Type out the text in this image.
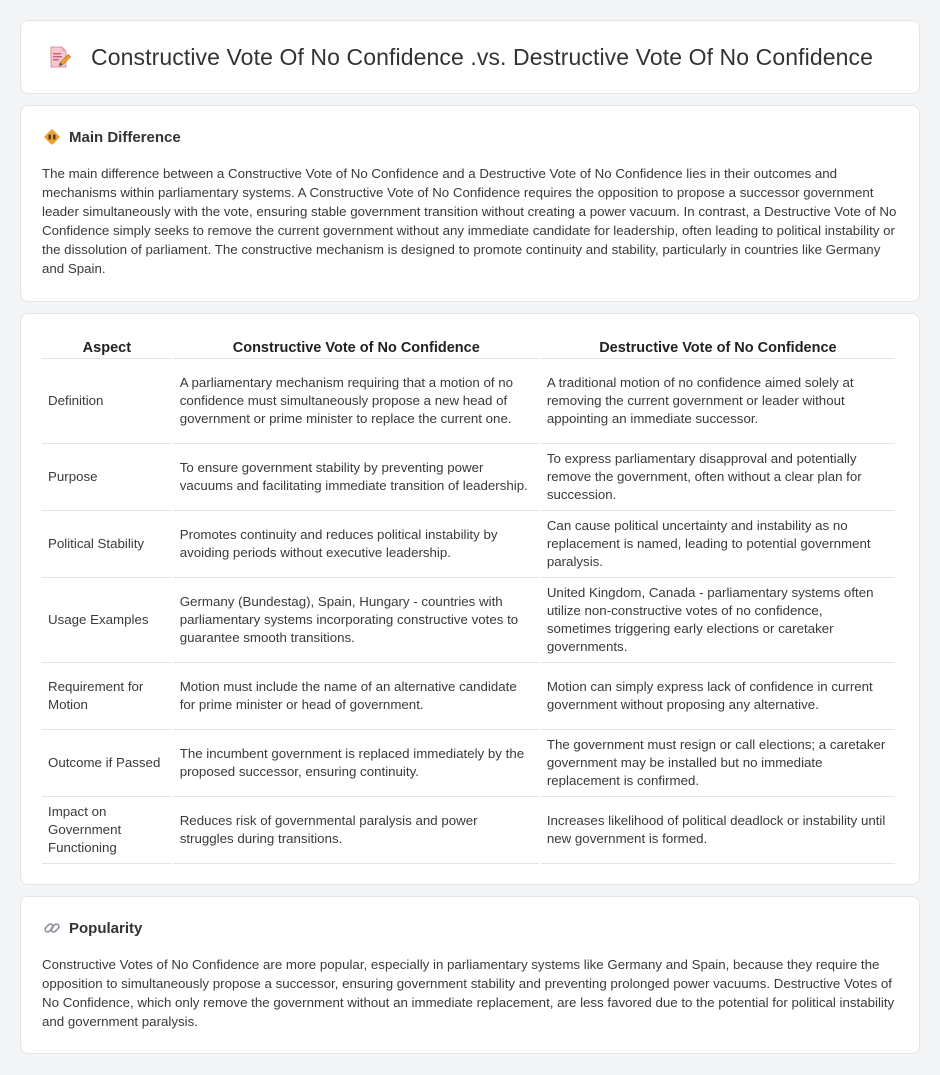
Constructive Vote Of No Confidence .vs. Destructive Vote Of No Confidence
Main Difference

The main difference between a Constructive Vote of No Confidence and a Destructive Vote of No Confidence lies in their outcomes and mechanisms within parliamentary systems. A Constructive Vote of No Confidence requires the opposition to propose a successor government leader simultaneously with the vote, ensuring stable government transition without creating a power vacuum. In contrast, a Destructive Vote of No Confidence simply seeks to remove the current government without any immediate candidate for leadership, often leading to political instability or the dissolution of parliament. The constructive mechanism is designed to promote continuity and stability, particularly in countries like Germany and Spain.

Aspect	Constructive Vote of No Confidence	Destructive Vote of No Confidence
Definition	A parliamentary mechanism requiring that a motion of no confidence must simultaneously propose a new head of government or prime minister to replace the current one.	A traditional motion of no confidence aimed solely at removing the current government or leader without appointing an immediate successor.
Purpose	To ensure government stability by preventing power vacuums and facilitating immediate transition of leadership.	To express parliamentary disapproval and potentially remove the government, often without a clear plan for succession.
Political Stability	Promotes continuity and reduces political instability by avoiding periods without executive leadership.	Can cause political uncertainty and instability as no replacement is named, leading to potential government paralysis.
Usage Examples	Germany (Bundestag), Spain, Hungary - countries with parliamentary systems incorporating constructive votes to guarantee smooth transitions.	United Kingdom, Canada - parliamentary systems often utilize non-constructive votes of no confidence, sometimes triggering early elections or caretaker governments.
Requirement for Motion	Motion must include the name of an alternative candidate for prime minister or head of government.	Motion can simply express lack of confidence in current government without proposing any alternative.
Outcome if Passed	The incumbent government is replaced immediately by the proposed successor, ensuring continuity.	The government must resign or call elections; a caretaker government may be installed but no immediate replacement is confirmed.
Impact on Government Functioning	Reduces risk of governmental paralysis and power struggles during transitions.	Increases likelihood of political deadlock or instability until new government is formed.
Popularity

Constructive Votes of No Confidence are more popular, especially in parliamentary systems like Germany and Spain, because they require the opposition to simultaneously propose a successor, ensuring government stability and preventing prolonged power vacuums. Destructive Votes of No Confidence, which only remove the government without an immediate replacement, are less favored due to the potential for political instability and government paralysis.
